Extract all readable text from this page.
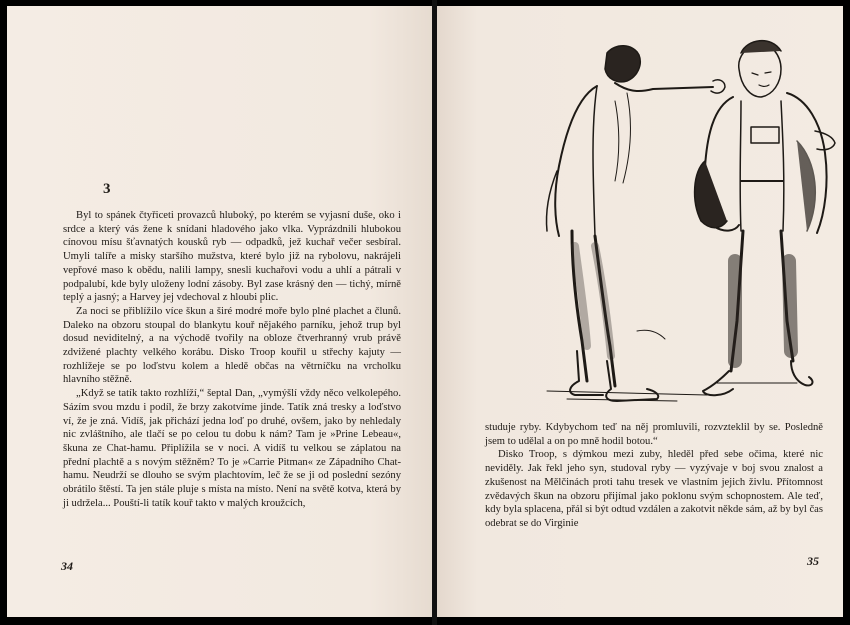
3

Byl to spánek čtyřiceti provazců hluboký, po kterém se vyjasní duše, oko i srdce a který vás žene k snídani hladového jako vlka. Vyprázdnili hlubokou cínovou mísu šťavnatých kousků ryb — odpadků, jež kuchař večer sesbíral. Umyli talíře a misky staršího mužstva, které bylo již na rybolovu, nakrájeli vepřové maso k obědu, nalili lampy, snesli kuchařovi vodu a uhlí a pátrali v podpalubí, kde byly uloženy lodní zásoby. Byl zase krásný den — tichý, mírně teplý a jasný; a Harvey jej vdechoval z hloubi plic.

Za noci se přiblížilo více škun a širé modré moře bylo plné plachet a člunů. Daleko na obzoru stoupal do blankytu kouř nějakého parníku, jehož trup byl dosud neviditelný, a na východě tvořily na obloze čtverhranný vrub právě zdvižené plachty velkého korábu. Disko Troop kouřil u střechy kajuty — rozhlížeje se po loďstvu kolem a hledě občas na větrníčku na vrcholku hlavního stěžně.

„Když se tatík takto rozhlíží,“ šeptal Dan, „vymýšlí vždy něco velkolepého. Sázím svou mzdu i podíl, že brzy zakotvíme jinde. Tatík zná tresky a loďstvo ví, že je zná. Vidíš, jak přichází jedna loď po druhé, ovšem, jako by nehledaly nic zvláštního, ale tlačí se po celou tu dobu k nám? Tam je »Prine Lebeau«, škuna ze Chat-hamu. Připlížila se v noci. A vidíš tu velkou se záplatou na přední plachtě a s novým stěžněm? To je »Carrie Pitman« ze Západního Chat-hamu. Neudrží se dlouho se svým plachtovím, leč že se ji od poslední sezóny obrátilo štěstí. Ta jen stále pluje s místa na místo. Není na světě kotva, která by ji udržela... Pouští-li tatík kouř takto v malých kroužcích,

34

studuje ryby. Kdybychom teď na něj promluvili, rozvzteklil by se. Posledně jsem to udělal a on po mně hodil botou.“

Disko Troop, s dýmkou mezi zuby, hleděl před sebe očima, které nic neviděly. Jak řekl jeho syn, studoval ryby — vyzývaje v boj svou znalost a zkušenost na Mělčinách proti tahu tresek ve vlastním jejich živlu. Přítomnost zvědavých škun na obzoru přijímal jako poklonu svým schopnostem. Ale teď, kdy byla splacena, přál si být odtud vzdálen a zakotvit někde sám, až by byl čas odebrat se do Virginie

35
